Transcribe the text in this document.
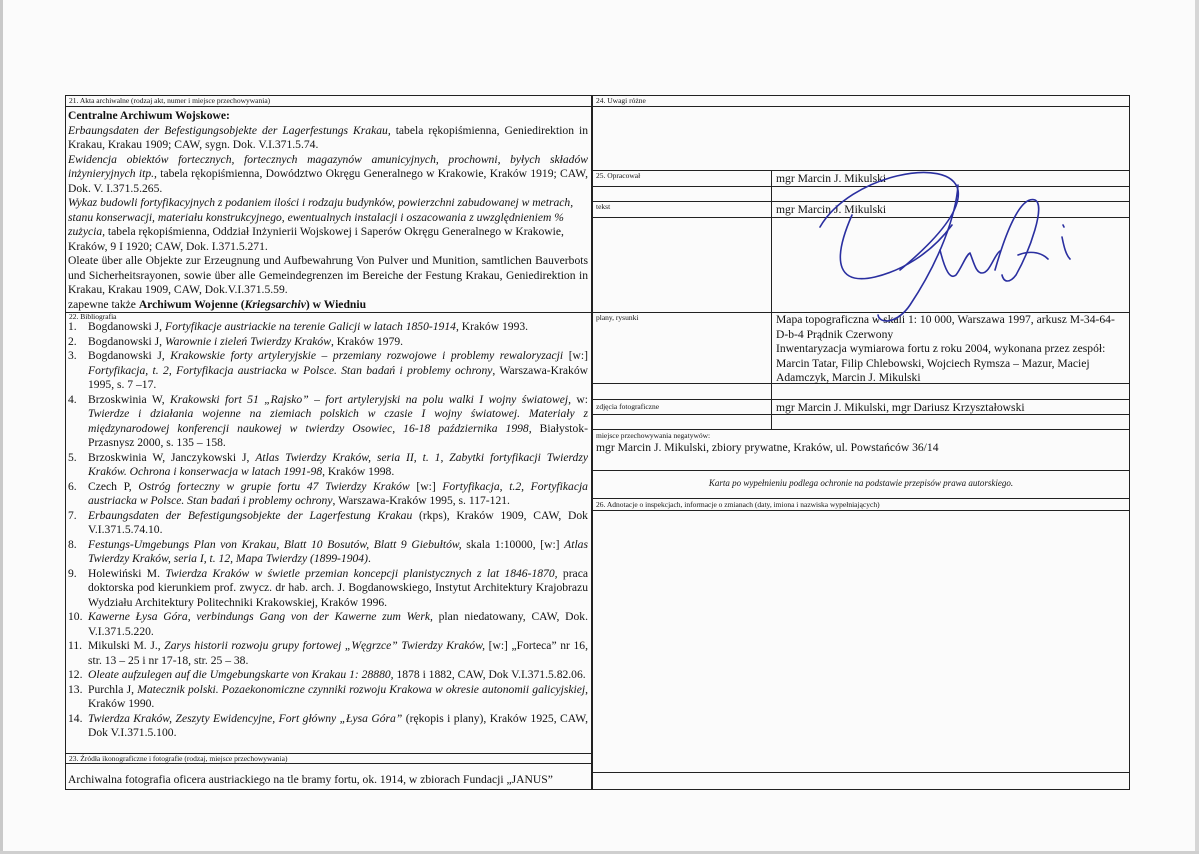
21. Akta archiwalne (rodzaj akt, numer i miejsce przechowywania)

Centralne Archiwum Wojskowe:

Erbaungsdaten der Befestigungsobjekte der Lagerfestungs Krakau, tabela rękopiśmienna, Geniedirektion in Krakau, Krakau 1909; CAW, sygn. Dok. V.I.371.5.74.

Ewidencja obiektów fortecznych, fortecznych magazynów amunicyjnych, prochowni, byłych składów inżynieryjnych itp., tabela rękopiśmienna, Dowództwo Okręgu Generalnego w Krakowie, Kraków 1919; CAW, Dok. V. I.371.5.265.

Wykaz budowli fortyfikacyjnych z podaniem ilości i rodzaju budynków, powierzchni zabudowanej w metrach, stanu konserwacji, materiału konstrukcyjnego, ewentualnych instalacji i oszacowania z uwzględnieniem % zużycia, tabela rękopiśmienna, Oddział Inżynierii Wojskowej i Saperów Okręgu Generalnego w Krakowie, Kraków, 9 I 1920; CAW, Dok. I.371.5.271.

Oleate über alle Objekte zur Erzeugnung und Aufbewahrung Von Pulver und Munition, samtlichen Bauverbots und Sicherheitsrayonen, sowie über alle Gemeindegrenzen im Bereiche der Festung Krakau, Geniedirektion in Krakau, Krakau 1909, CAW, Dok.V.I.371.5.59.

zapewne także Archiwum Wojenne (Kriegsarchiv) w Wiedniu

22. Bibliografia

1. Bogdanowski J, Fortyfikacje austriackie na terenie Galicji w latach 1850-1914, Kraków 1993.

2. Bogdanowski J, Warownie i zieleń Twierdzy Kraków, Kraków 1979.

3. Bogdanowski J, Krakowskie forty artyleryjskie – przemiany rozwojowe i problemy rewaloryzacji [w:] Fortyfikacja, t. 2, Fortyfikacja austriacka w Polsce. Stan badań i problemy ochrony, Warszawa-Kraków 1995, s. 7 –17.

4. Brzoskwinia W, Krakowski fort 51 „Rajsko” – fort artyleryjski na polu walki I wojny światowej, w: Twierdze i działania wojenne na ziemiach polskich w czasie I wojny światowej. Materiały z międzynarodowej konferencji naukowej w twierdzy Osowiec, 16-18 października 1998, Białystok-Przasnysz 2000, s. 135 – 158.

5. Brzoskwinia W, Janczykowski J, Atlas Twierdzy Kraków, seria II, t. 1, Zabytki fortyfikacji Twierdzy Kraków. Ochrona i konserwacja w latach 1991-98, Kraków 1998.

6. Czech P, Ostróg forteczny w grupie fortu 47 Twierdzy Kraków [w:] Fortyfikacja, t.2, Fortyfikacja austriacka w Polsce. Stan badań i problemy ochrony, Warszawa-Kraków 1995, s. 117-121.

7. Erbaungsdaten der Befestigungsobjekte der Lagerfestung Krakau (rkps), Kraków 1909, CAW, Dok V.I.371.5.74.10.

8. Festungs-Umgebungs Plan von Krakau, Blatt 10 Bosutów, Blatt 9 Giebułtów, skala 1:10000, [w:] Atlas Twierdzy Kraków, seria I, t. 12, Mapa Twierdzy (1899-1904).

9. Holewiński M. Twierdza Kraków w świetle przemian koncepcji planistycznych z lat 1846-1870, praca doktorska pod kierunkiem prof. zwycz. dr hab. arch. J. Bogdanowskiego, Instytut Architektury Krajobrazu Wydziału Architektury Politechniki Krakowskiej, Kraków 1996.

10. Kawerne Łysa Góra, verbindungs Gang von der Kawerne zum Werk, plan niedatowany, CAW, Dok. V.I.371.5.220.

11. Mikulski M. J., Zarys historii rozwoju grupy fortowej „Węgrzce” Twierdzy Kraków, [w:] „Forteca” nr 16, str. 13 – 25 i nr 17-18, str. 25 – 38.

12. Oleate aufzulegen auf die Umgebungskarte von Krakau 1: 28880, 1878 i 1882, CAW, Dok V.I.371.5.82.06.

13. Purchla J, Matecznik polski. Pozaekonomiczne czynniki rozwoju Krakowa w okresie autonomii galicyjskiej, Kraków 1990.

14. Twierdza Kraków, Zeszyty Ewidencyjne, Fort główny „Łysa Góra” (rękopis i plany), Kraków 1925, CAW, Dok V.I.371.5.100.

23. Źródła ikonograficzne i fotografie (rodzaj, miejsce przechowywania)
Archiwalna fotografia oficera austriackiego na tle bramy fortu, ok. 1914, w zbiorach Fundacji „JANUS”
24. Uwagi różne
25. Opracował	mgr Marcin J. Mikulski
tekst	mgr Marcin J. Mikulski
plany, rysunki	Mapa topograficzna w skali 1: 10 000, Warszawa 1997, arkusz M-34-64-D-b-4 Prądnik Czerwony

Inwentaryzacja wymiarowa fortu z roku 2004, wykonana przez zespół: Marcin Tatar, Filip Chlebowski, Wojciech Rymsza – Mazur, Maciej Adamczyk, Marcin J. Mikulski

zdjęcia fotograficzne	mgr Marcin J. Mikulski, mgr Dariusz Krzyształowski
miejsce przechowywania negatywów:
mgr Marcin J. Mikulski, zbiory prywatne, Kraków, ul. Powstańców 36/14
Karta po wypełnieniu podlega ochronie na podstawie przepisów prawa autorskiego.
26. Adnotacje o inspekcjach, informacje o zmianach (daty, imiona i nazwiska wypełniających)
